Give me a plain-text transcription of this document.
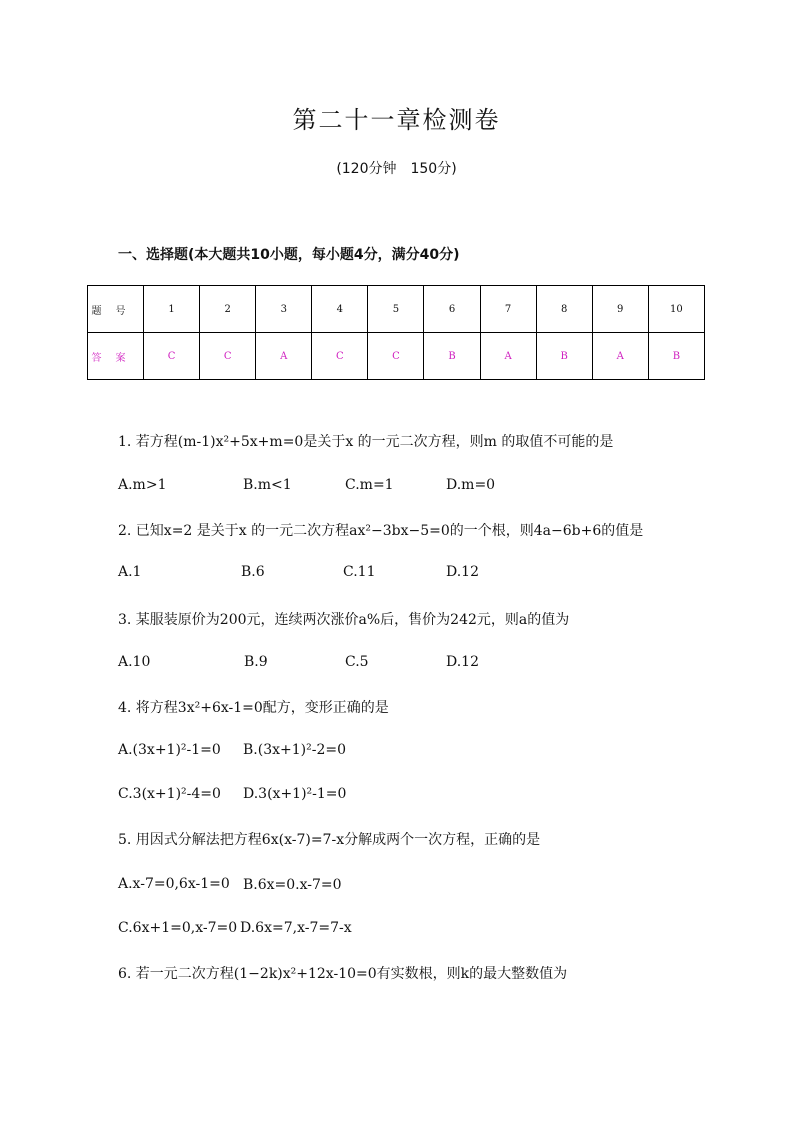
第二十一章检测卷
(120分钟　150分)
一、选择题(本大题共10小题，每小题4分，满分40分)
题号	1	2	3	4	5	6	7	8	9	10
答案	C	C	A	C	C	B	A	B	A	B
1. 若方程(m-1)x²+5x+m=0是关于x 的一元二次方程，则m 的取值不可能的是
A.m>1	B.m<1	C.m=1	D.m=0
2. 已知x=2 是关于x 的一元二次方程ax²−3bx−5=0的一个根，则4a−6b+6的值是
A.1	B.6	C.11	D.12
3. 某服装原价为200元，连续两次涨价a%后，售价为242元，则a的值为
A.10	B.9	C.5	D.12
4. 将方程3x²+6x-1=0配方，变形正确的是
A.(3x+1)²-1=0 B.(3x+1)²-2=0
C.3(x+1)²-4=0 D.3(x+1)²-1=0
5. 用因式分解法把方程6x(x-7)=7-x分解成两个一次方程，正确的是
A.x-7=0,6x-1=0 B.6x=0.x-7=0
C.6x+1=0,x-7=0 D.6x=7,x-7=7-x
6. 若一元二次方程(1−2k)x²+12x-10=0有实数根，则k的最大整数值为
